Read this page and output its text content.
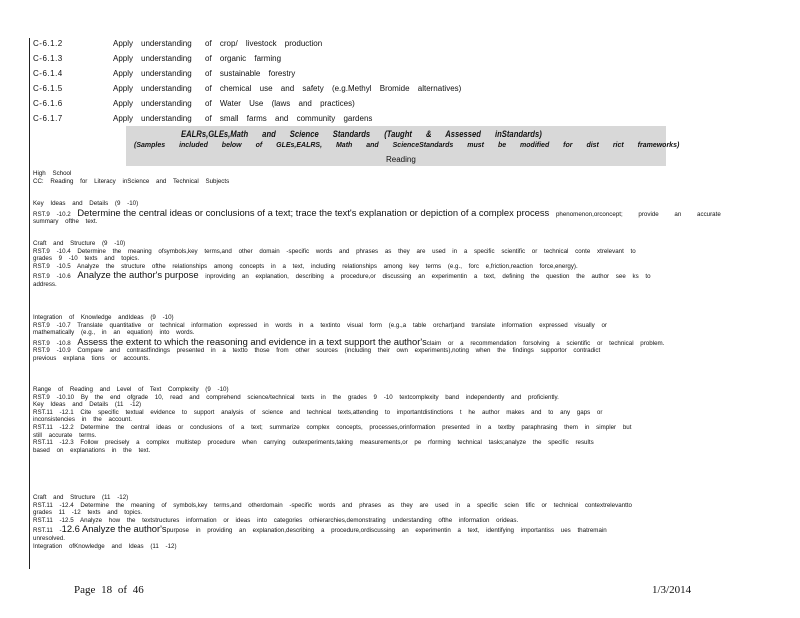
C-6.1.2	Apply understanding	of crop/ livestock production
C-6.1.3	Apply understanding	of organic farming
C-6.1.4	Apply understanding	of sustainable forestry
C-6.1.5	Apply understanding	of chemical use and safety (e.g.Methyl Bromide alternatives)
C-6.1.6	Apply understanding	of Water Use (laws and practices)
C-6.1.7	Apply understanding	of small farms and community gardens
EALRs,GLEs,Math and Science Standards (Taught & Assessed inStandards)
(Samples included below of GLEs,EALRS, Math and ScienceStandards must be modified for dist rict frameworks)
Reading
High School
CC: Reading for Literacy inScience and Technical Subjects
Key Ideas and Details (9 -10)
RST.9 -10.2 Determine the central ideas or conclusions of a text; trace the text's explanation or depiction of a complex process phenomenon,orconcept; provide an accurate
summary ofthe text.
Craft and Structure (9 -10)
RST.9 -10.4 Determine the meaning ofsymbols,key terms,and other domain -specific words and phrases as they are used in a specific scientific or technical conte xtrelevant to
grades 9 -10 texts and topics.
RST.9 -10.5 Analyze the structure ofthe relationships among concepts in a text, including relationships among key terms (e.g., forc e,friction,reaction force,energy).
RST.9 -10.6 Analyze the author's purpose inproviding an explanation, describing a procedure,or discussing an experimentin a text, defining the question the author see ks to
address.
Integration of Knowledge andIdeas (9 -10)
RST.9 -10.7 Translate quantitative or technical information expressed in words in a textinto visual form (e.g.,a table orchart)and translate information expressed visually or
mathematically (e.g., in an equation) into words.
RST.9 -10.8 Assess the extent to which the reasoning and evidence in a text support the author'sclaim or a recommendation forsolving a scientific or technical problem.
RST.9 -10.9 Compare and contrastfindings presented in a textto those from other sources (including their own experiments),noting when the findings supportor contradict
previous explana tions or accounts.
Range of Reading and Level of Text Complexity (9 -10)
RST.9 -10.10 By the end ofgrade 10, read and comprehend science/technical texts in the grades 9 -10 textcomplexity band independently and proficiently.
Key Ideas and Details (11 -12)
RST.11 -12.1 Cite specific textual evidence to support analysis of science and technical texts,attending to importantdistinctions t he author makes and to any gaps or
inconsistencies in the account.
RST.11 -12.2 Determine the central ideas or conclusions of a text; summarize complex concepts, processes,orinformation presented in a textby paraphrasing them in simpler but
still accurate terms.
RST.11 -12.3 Follow precisely a complex multistep procedure when carrying outexperiments,taking measurements,or pe rforming technical tasks;analyze the specific results
based on explanations in the text.
Craft and Structure (11 -12)
RST.11 -12.4 Determine the meaning of symbols,key terms,and otherdomain -specific words and phrases as they are used in a specific scien tific or technical contextrelevantto
grades 11 -12 texts and topics.
RST.11 -12.5 Analyze how the textstructures information or ideas into categories orhierarchies,demonstrating understanding ofthe information orideas.
RST.11 -12.6 Analyze the author'spurpose in providing an explanation,describing a procedure,ordiscussing an experimentin a text, identifying importantiss ues thatremain
unresolved.
Integration ofKnowledge and Ideas (11 -12)
Page 18 of 46	1/3/2014
